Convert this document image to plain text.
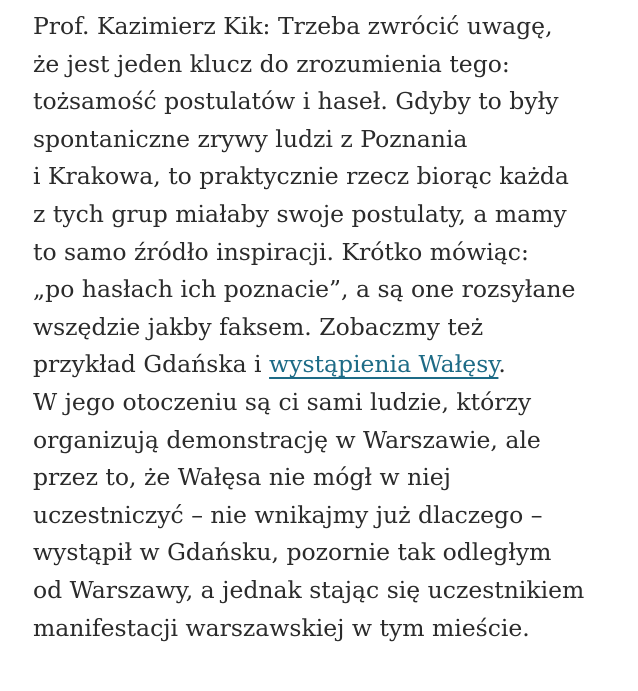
Prof. Kazimierz Kik: Trzeba zwrócić uwagę,
że jest jeden klucz do zrozumienia tego:
tożsamość postulatów i haseł. Gdyby to były
spontaniczne zrywy ludzi z Poznania
i Krakowa, to praktycznie rzecz biorąc każda
z tych grup miałaby swoje postulaty, a mamy
to samo źródło inspiracji. Krótko mówiąc:
„po hasłach ich poznacie”, a są one rozsyłane
wszędzie jakby faksem. Zobaczmy też
przykład Gdańska i wystąpienia Wałęsy.
W jego otoczeniu są ci sami ludzie, którzy
organizują demonstrację w Warszawie, ale
przez to, że Wałęsa nie mógł w niej
uczestniczyć – nie wnikajmy już dlaczego –
wystąpił w Gdańsku, pozornie tak odległym
od Warszawy, a jednak stając się uczestnikiem
manifestacji warszawskiej w tym mieście.
